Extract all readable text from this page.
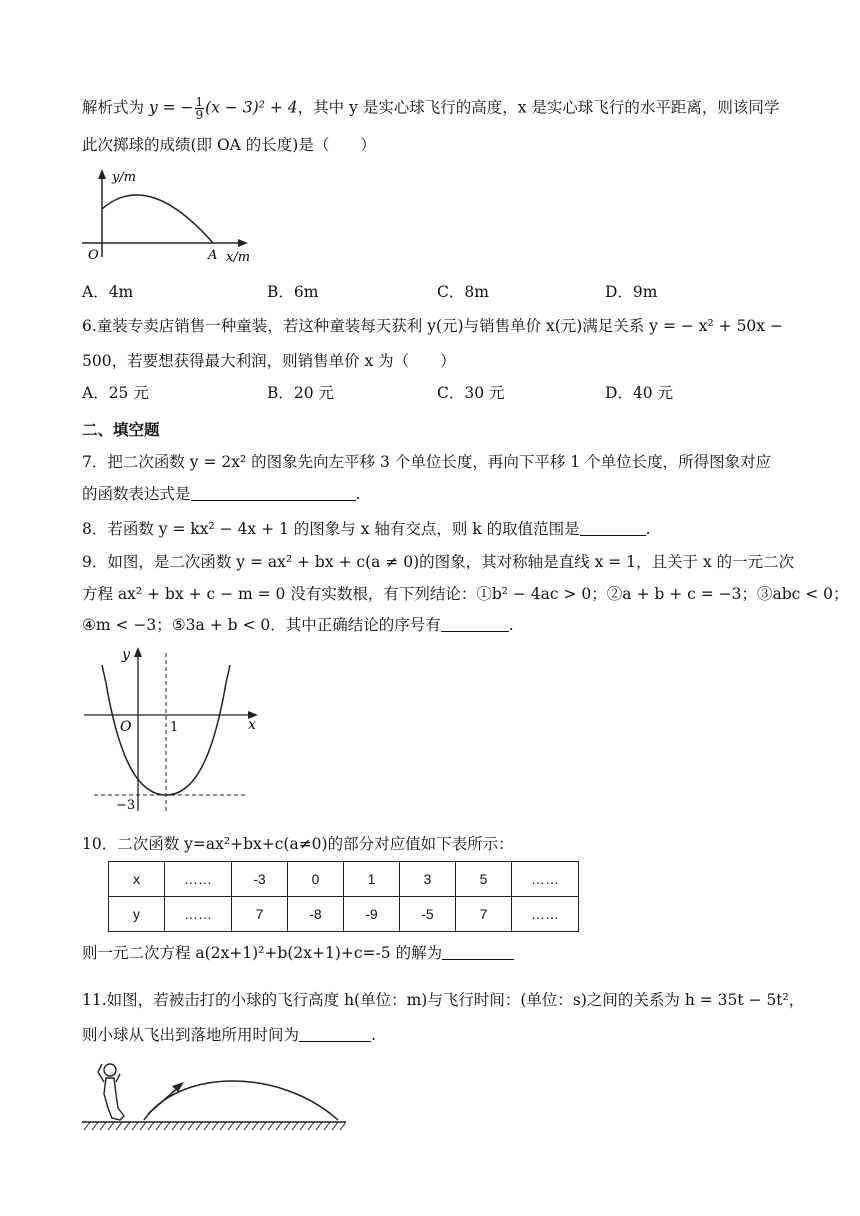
解析式为 y = − $\frac{1}{9} (x - 3)^2 + 4$，其中 y 是实心球飞行的高度，x 是实心球飞行的水平距离，则该同学
此次掷球的成绩(即 OA 的长度)是（　　）
y/m
x/m
O	A
A．4m	B．6m	C．8m	D．9m
6.童装专卖店销售一种童装，若这种童装每天获利 y(元)与销售单价 x(元)满足关系 y = − x² + 50x −
500，若要想获得最大利润，则销售单价 x 为（　　）
A．25 元	B．20 元	C．30 元	D．40 元
二、填空题
7．把二次函数 y = 2x² 的图象先向左平移 3 个单位长度，再向下平移 1 个单位长度，所得图象对应
的函数表达式是	.
8．若函数 y = kx² − 4x + 1 的图象与 x 轴有交点，则 k 的取值范围是	.
9．如图，是二次函数 y = ax² + bx + c(a ≠ 0)的图象，其对称轴是直线 x = 1，且关于 x 的一元二次
方程 ax² + bx + c − m = 0 没有实数根，有下列结论：①b² − 4ac > 0；②a + b + c = −3；③abc < 0；
④m < −3；⑤3a + b < 0．其中正确结论的序号有	.
y
x
O	1
−3
10．二次函数 y=ax²+bx+c(a≠0)的部分对应值如下表所示：
x	……	-3	0	1	3	5	……
y	……	7	-8	-9	-5	7	……
则一元二次方程 a(2x+1)²+b(2x+1)+c=-5 的解为
11.如图，若被击打的小球的飞行高度 h(单位：m)与飞行时间：(单位：s)之间的关系为 h = 35t − 5t²，
则小球从飞出到落地所用时间为	.
